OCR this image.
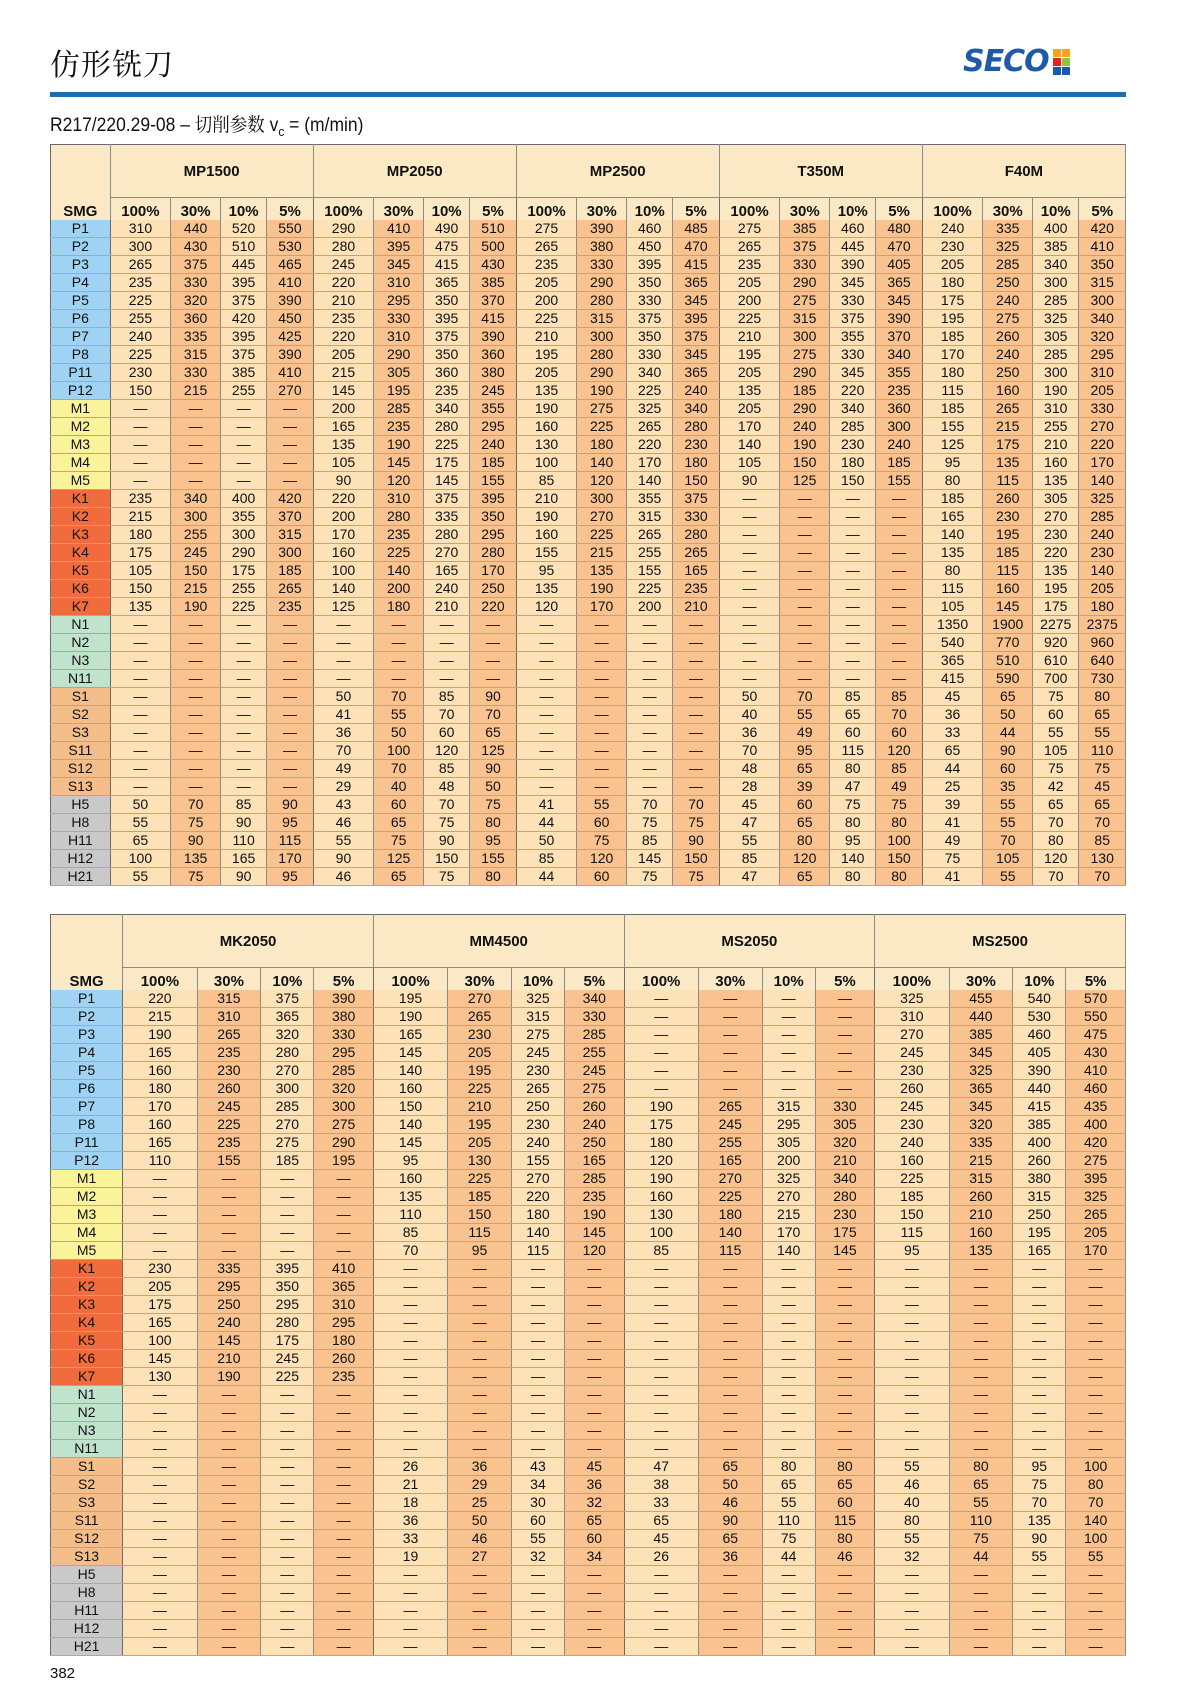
仿形铣刀	SECO
R217/220.29-08 – 切削参数 $v_c = (m/\min)$
	MP1500				MP2050				MP2500				T350M				F40M			
SMG	100%	30%	10%	5%	100%	30%	10%	5%	100%	30%	10%	5%	100%	30%	10%	5%	100%	30%	10%	5%
P1	310	440	520	550	290	410	490	510	275	390	460	485	275	385	460	480	240	335	400	420
P2	300	430	510	530	280	395	475	500	265	380	450	470	265	375	445	470	230	325	385	410
P3	265	375	445	465	245	345	415	430	235	330	395	415	235	330	390	405	205	285	340	350
P4	235	330	395	410	220	310	365	385	205	290	350	365	205	290	345	365	180	250	300	315
P5	225	320	375	390	210	295	350	370	200	280	330	345	200	275	330	345	175	240	285	300
P6	255	360	420	450	235	330	395	415	225	315	375	395	225	315	375	390	195	275	325	340
P7	240	335	395	425	220	310	375	390	210	300	350	375	210	300	355	370	185	260	305	320
P8	225	315	375	390	205	290	350	360	195	280	330	345	195	275	330	340	170	240	285	295
P11	230	330	385	410	215	305	360	380	205	290	340	365	205	290	345	355	180	250	300	310
P12	150	215	255	270	145	195	235	245	135	190	225	240	135	185	220	235	115	160	190	205
M1	—	—	—	—	200	285	340	355	190	275	325	340	205	290	340	360	185	265	310	330
M2	—	—	—	—	165	235	280	295	160	225	265	280	170	240	285	300	155	215	255	270
M3	—	—	—	—	135	190	225	240	130	180	220	230	140	190	230	240	125	175	210	220
M4	—	—	—	—	105	145	175	185	100	140	170	180	105	150	180	185	95	135	160	170
M5	—	—	—	—	90	120	145	155	85	120	140	150	90	125	150	155	80	115	135	140
K1	235	340	400	420	220	310	375	395	210	300	355	375	—	—	—	—	185	260	305	325
K2	215	300	355	370	200	280	335	350	190	270	315	330	—	—	—	—	165	230	270	285
K3	180	255	300	315	170	235	280	295	160	225	265	280	—	—	—	—	140	195	230	240
K4	175	245	290	300	160	225	270	280	155	215	255	265	—	—	—	—	135	185	220	230
K5	105	150	175	185	100	140	165	170	95	135	155	165	—	—	—	—	80	115	135	140
K6	150	215	255	265	140	200	240	250	135	190	225	235	—	—	—	—	115	160	195	205
K7	135	190	225	235	125	180	210	220	120	170	200	210	—	—	—	—	105	145	175	180
N1	—	—	—	—	—	—	—	—	—	—	—	—	—	—	—	—	1350	1900	2275	2375
N2	—	—	—	—	—	—	—	—	—	—	—	—	—	—	—	—	540	770	920	960
N3	—	—	—	—	—	—	—	—	—	—	—	—	—	—	—	—	365	510	610	640
N11	—	—	—	—	—	—	—	—	—	—	—	—	—	—	—	—	415	590	700	730
S1	—	—	—	—	50	70	85	90	—	—	—	—	50	70	85	85	45	65	75	80
S2	—	—	—	—	41	55	70	70	—	—	—	—	40	55	65	70	36	50	60	65
S3	—	—	—	—	36	50	60	65	—	—	—	—	36	49	60	60	33	44	55	55
S11	—	—	—	—	70	100	120	125	—	—	—	—	70	95	115	120	65	90	105	110
S12	—	—	—	—	49	70	85	90	—	—	—	—	48	65	80	85	44	60	75	75
S13	—	—	—	—	29	40	48	50	—	—	—	—	28	39	47	49	25	35	42	45
H5	50	70	85	90	43	60	70	75	41	55	70	70	45	60	75	75	39	55	65	65
H8	55	75	90	95	46	65	75	80	44	60	75	75	47	65	80	80	41	55	70	70
H11	65	90	110	115	55	75	90	95	50	75	85	90	55	80	95	100	49	70	80	85
H12	100	135	165	170	90	125	150	155	85	120	145	150	85	120	140	150	75	105	120	130
H21	55	75	90	95	46	65	75	80	44	60	75	75	47	65	80	80	41	55	70	70
	MK2050				MM4500				MS2050				MS2500			
SMG	100%	30%	10%	5%	100%	30%	10%	5%	100%	30%	10%	5%	100%	30%	10%	5%
P1	220	315	375	390	195	270	325	340	—	—	—	—	325	455	540	570
P2	215	310	365	380	190	265	315	330	—	—	—	—	310	440	530	550
P3	190	265	320	330	165	230	275	285	—	—	—	—	270	385	460	475
P4	165	235	280	295	145	205	245	255	—	—	—	—	245	345	405	430
P5	160	230	270	285	140	195	230	245	—	—	—	—	230	325	390	410
P6	180	260	300	320	160	225	265	275	—	—	—	—	260	365	440	460
P7	170	245	285	300	150	210	250	260	190	265	315	330	245	345	415	435
P8	160	225	270	275	140	195	230	240	175	245	295	305	230	320	385	400
P11	165	235	275	290	145	205	240	250	180	255	305	320	240	335	400	420
P12	110	155	185	195	95	130	155	165	120	165	200	210	160	215	260	275
M1	—	—	—	—	160	225	270	285	190	270	325	340	225	315	380	395
M2	—	—	—	—	135	185	220	235	160	225	270	280	185	260	315	325
M3	—	—	—	—	110	150	180	190	130	180	215	230	150	210	250	265
M4	—	—	—	—	85	115	140	145	100	140	170	175	115	160	195	205
M5	—	—	—	—	70	95	115	120	85	115	140	145	95	135	165	170
K1	230	335	395	410	—	—	—	—	—	—	—	—	—	—	—	—
K2	205	295	350	365	—	—	—	—	—	—	—	—	—	—	—	—
K3	175	250	295	310	—	—	—	—	—	—	—	—	—	—	—	—
K4	165	240	280	295	—	—	—	—	—	—	—	—	—	—	—	—
K5	100	145	175	180	—	—	—	—	—	—	—	—	—	—	—	—
K6	145	210	245	260	—	—	—	—	—	—	—	—	—	—	—	—
K7	130	190	225	235	—	—	—	—	—	—	—	—	—	—	—	—
N1	—	—	—	—	—	—	—	—	—	—	—	—	—	—	—	—
N2	—	—	—	—	—	—	—	—	—	—	—	—	—	—	—	—
N3	—	—	—	—	—	—	—	—	—	—	—	—	—	—	—	—
N11	—	—	—	—	—	—	—	—	—	—	—	—	—	—	—	—
S1	—	—	—	—	26	36	43	45	47	65	80	80	55	80	95	100
S2	—	—	—	—	21	29	34	36	38	50	65	65	46	65	75	80
S3	—	—	—	—	18	25	30	32	33	46	55	60	40	55	70	70
S11	—	—	—	—	36	50	60	65	65	90	110	115	80	110	135	140
S12	—	—	—	—	33	46	55	60	45	65	75	80	55	75	90	100
S13	—	—	—	—	19	27	32	34	26	36	44	46	32	44	55	55
H5	—	—	—	—	—	—	—	—	—	—	—	—	—	—	—	—
H8	—	—	—	—	—	—	—	—	—	—	—	—	—	—	—	—
H11	—	—	—	—	—	—	—	—	—	—	—	—	—	—	—	—
H12	—	—	—	—	—	—	—	—	—	—	—	—	—	—	—	—
H21	—	—	—	—	—	—	—	—	—	—	—	—	—	—	—	—
382
